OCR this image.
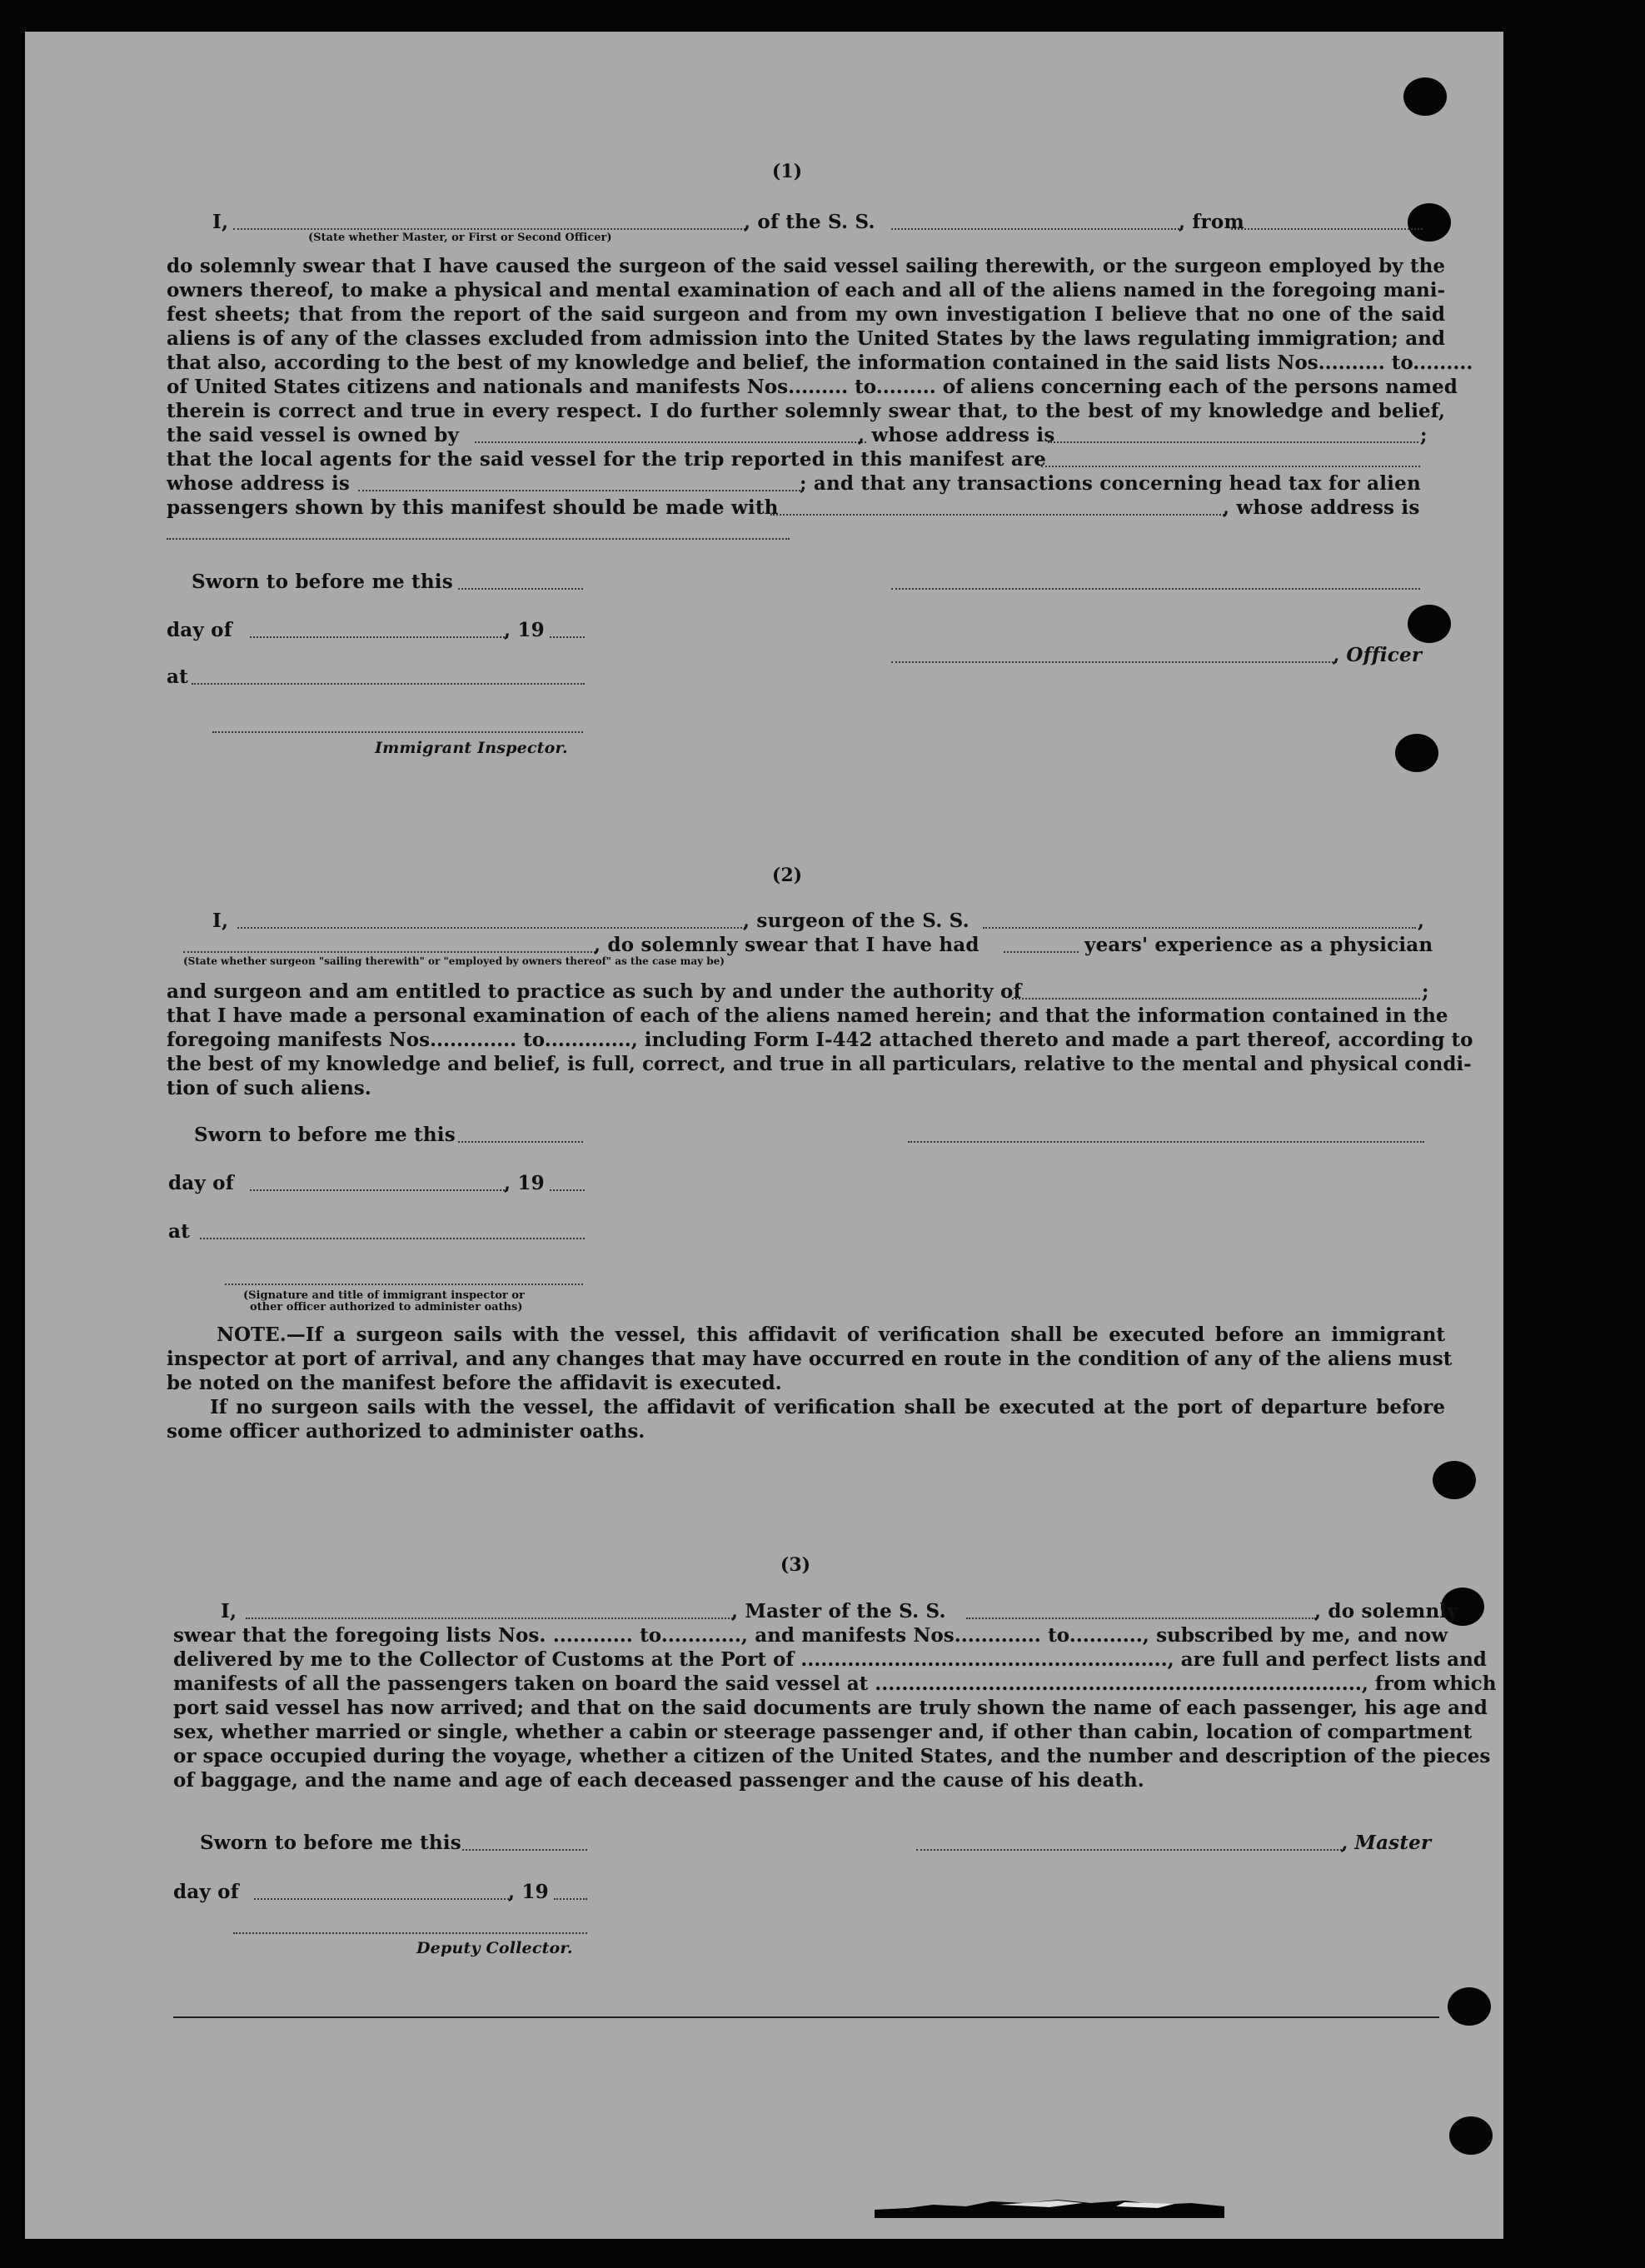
(1)
I,	, of the S. S.	, from
(State whether Master, or First or Second Officer)
do solemnly swear that I have caused the surgeon of the said vessel sailing therewith, or the surgeon employed by the
owners thereof, to make a physical and mental examination of each and all of the aliens named in the foregoing mani-
fest sheets; that from the report of the said surgeon and from my own investigation I believe that no one of the said
aliens is of any of the classes excluded from admission into the United States by the laws regulating immigration; and
that also, according to the best of my knowledge and belief, the information contained in the said lists Nos.......... to.........
of United States citizens and nationals and manifests Nos......... to......... of aliens concerning each of the persons named
therein is correct and true in every respect. I do further solemnly swear that, to the best of my knowledge and belief,
the said vessel is owned by	, whose address is	;
that the local agents for the said vessel for the trip reported in this manifest are
whose address is	; and that any transactions concerning head tax for alien
passengers shown by this manifest should be made with	, whose address is
Sworn to before me this
day of	, 19
, Officer
at
Immigrant Inspector.
(2)
I,	, surgeon of the S. S.	,
, do solemnly swear that I have had	years' experience as a physician
(State whether surgeon "sailing therewith" or "employed by owners thereof" as the case may be)
and surgeon and am entitled to practice as such by and under the authority of	;
that I have made a personal examination of each of the aliens named herein; and that the information contained in the
foregoing manifests Nos............. to............., including Form I-442 attached thereto and made a part thereof, according to
the best of my knowledge and belief, is full, correct, and true in all particulars, relative to the mental and physical condi-
tion of such aliens.
Sworn to before me this
day of	, 19
at
(Signature and title of immigrant inspector or
other officer authorized to administer oaths)
NOTE.—If a surgeon sails with the vessel, this affidavit of verification shall be executed before an immigrant
inspector at port of arrival, and any changes that may have occurred en route in the condition of any of the aliens must
be noted on the manifest before the affidavit is executed.
If no surgeon sails with the vessel, the affidavit of verification shall be executed at the port of departure before
some officer authorized to administer oaths.
(3)
I,	, Master of the S. S.	, do solemnly
swear that the foregoing lists Nos. ............ to............, and manifests Nos............. to..........., subscribed by me, and now
delivered by me to the Collector of Customs at the Port of ......................................................., are full and perfect lists and
manifests of all the passengers taken on board the said vessel at ........................................................................., from which
port said vessel has now arrived; and that on the said documents are truly shown the name of each passenger, his age and
sex, whether married or single, whether a cabin or steerage passenger and, if other than cabin, location of compartment
or space occupied during the voyage, whether a citizen of the United States, and the number and description of the pieces
of baggage, and the name and age of each deceased passenger and the cause of his death.
Sworn to before me this	, Master
day of	, 19
Deputy Collector.
